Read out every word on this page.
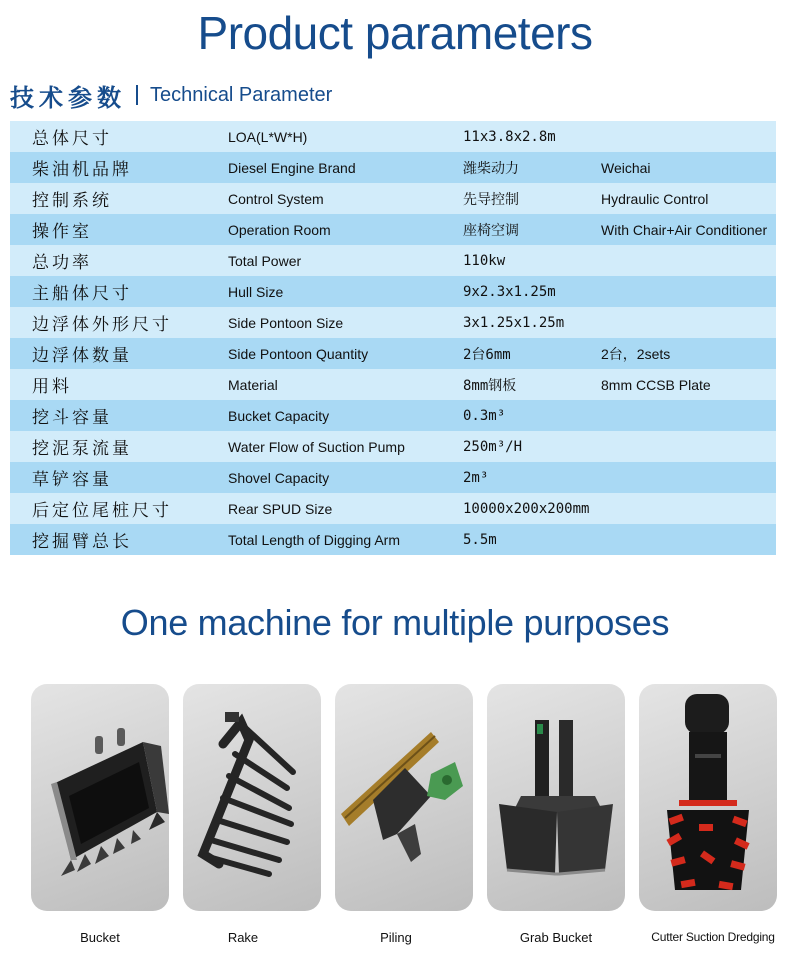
Product parameters
技术参数 Technical Parameter
总体尺寸	LOA(L*W*H)	11x3.8x2.8m
柴油机品牌	Diesel Engine Brand	潍柴动力	Weichai
控制系统	Control System	先导控制	Hydraulic Control
操作室	Operation Room	座椅空调	With Chair+Air Conditioner
总功率	Total Power	110kw
主船体尺寸	Hull Size	9x2.3x1.25m
边浮体外形尺寸	Side Pontoon Size	3x1.25x1.25m
边浮体数量	Side Pontoon Quantity	2台6mm	2台，2sets
用料	Material	8mm钢板	8mm CCSB Plate
挖斗容量	Bucket Capacity	0.3m³
挖泥泵流量	Water Flow of Suction Pump	250m³/H
草铲容量	Shovel Capacity	2m³
后定位尾桩尺寸	Rear SPUD Size	10000x200x200mm
挖掘臂总长	Total Length of Digging Arm	5.5m
One machine for multiple purposes
Bucket	Rake	Piling	Grab Bucket	Cutter Suction Dredging
